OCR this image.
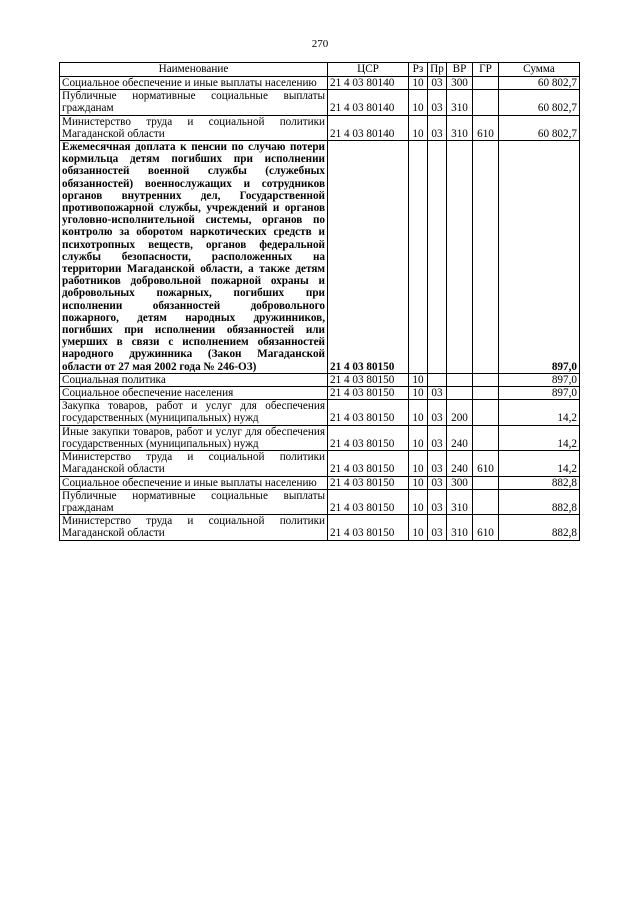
270
Наименование	ЦСР	Рз	Пр	ВР	ГР	Сумма
Социальное обеспечение и иные выплаты населению	21 4 03 80140	10	03	300		60 802,7
Публичные нормативные социальные выплаты гражданам	21 4 03 80140	10	03	310		60 802,7
Министерство труда и социальной политики Магаданской области	21 4 03 80140	10	03	310	610	60 802,7
Ежемесячная доплата к пенсии по случаю потери кормильца детям погибших при исполнении обязанностей военной службы (служебных обязанностей) военнослужащих и сотрудников органов внутренних дел, Государственной противопожарной службы, учреждений и органов уголовно-исполнительной системы, органов по контролю за оборотом наркотических средств и психотропных веществ, органов федеральной службы безопасности, расположенных на территории Магаданской области, а также детям работников добровольной пожарной охраны и добровольных пожарных, погибших при исполнении обязанностей добровольного пожарного, детям народных дружинников, погибших при исполнении обязанностей или умерших в связи с исполнением обязанностей народного дружинника (Закон Магаданской области от 27 мая 2002 года № 246-ОЗ)	21 4 03 80150					897,0
Социальная политика	21 4 03 80150	10				897,0
Социальное обеспечение населения	21 4 03 80150	10	03			897,0
Закупка товаров, работ и услуг для обеспечения государственных (муниципальных) нужд	21 4 03 80150	10	03	200		14,2
Иные закупки товаров, работ и услуг для обеспечения государственных (муниципальных) нужд	21 4 03 80150	10	03	240		14,2
Министерство труда и социальной политики Магаданской области	21 4 03 80150	10	03	240	610	14,2
Социальное обеспечение и иные выплаты населению	21 4 03 80150	10	03	300		882,8
Публичные нормативные социальные выплаты гражданам	21 4 03 80150	10	03	310		882,8
Министерство труда и социальной политики Магаданской области	21 4 03 80150	10	03	310	610	882,8
